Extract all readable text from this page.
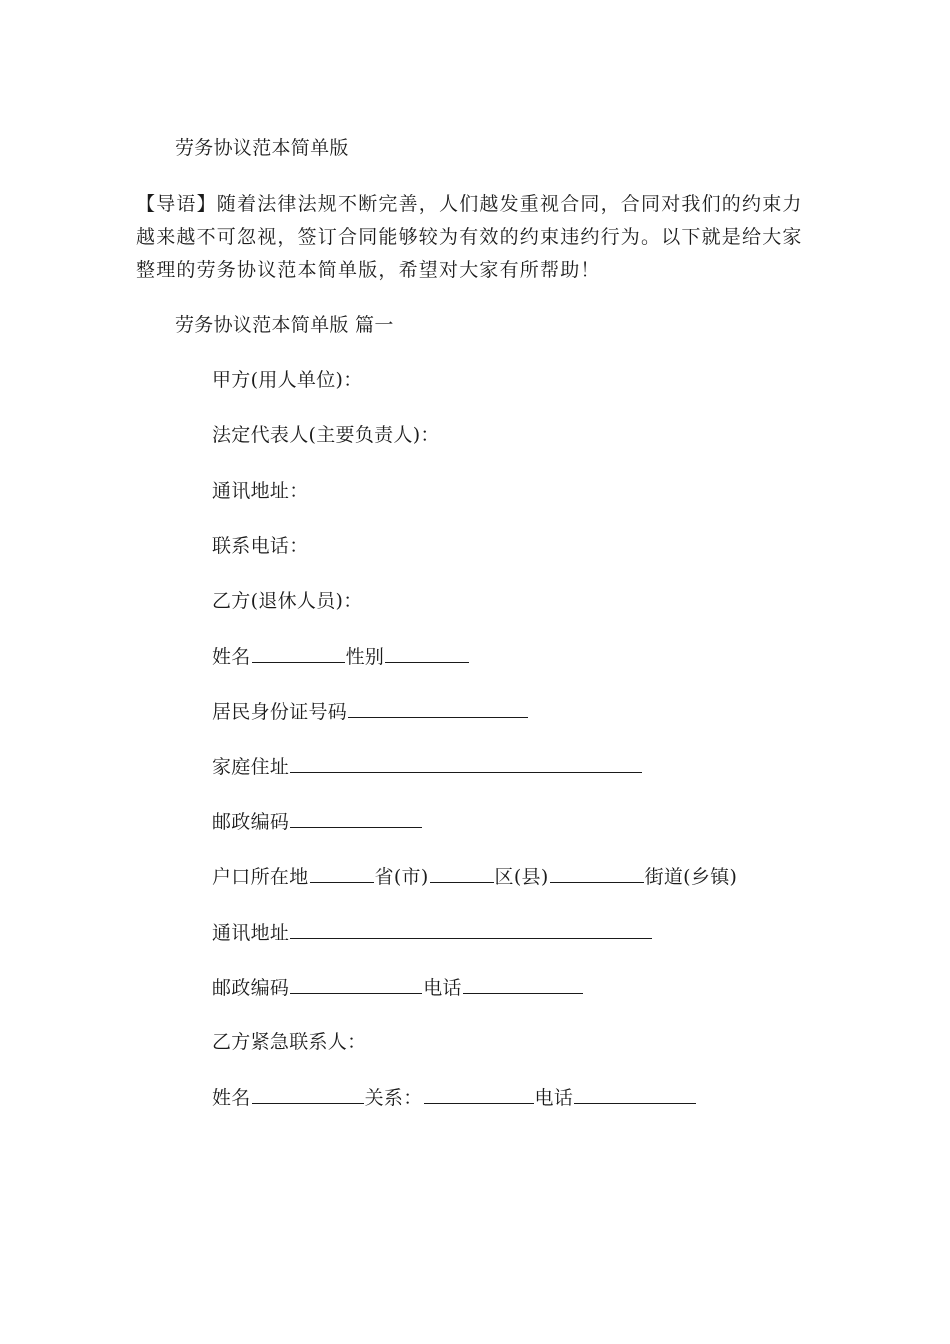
劳务协议范本简单版
【导语】随着法律法规不断完善，人们越发重视合同，合同对我们的约束力越来越不可忽视，签订合同能够较为有效的约束违约行为。以下就是给大家整理的劳务协议范本简单版，希望对大家有所帮助！
劳务协议范本简单版 篇一
甲方(用人单位)：
法定代表人(主要负责人)：
通讯地址：
联系电话：
乙方(退休人员)：
姓名	性别
居民身份证号码
家庭住址
邮政编码
户口所在地	省(市)	区(县)	街道(乡镇)
通讯地址
邮政编码	电话
乙方紧急联系人：
姓名	关系：	电话
